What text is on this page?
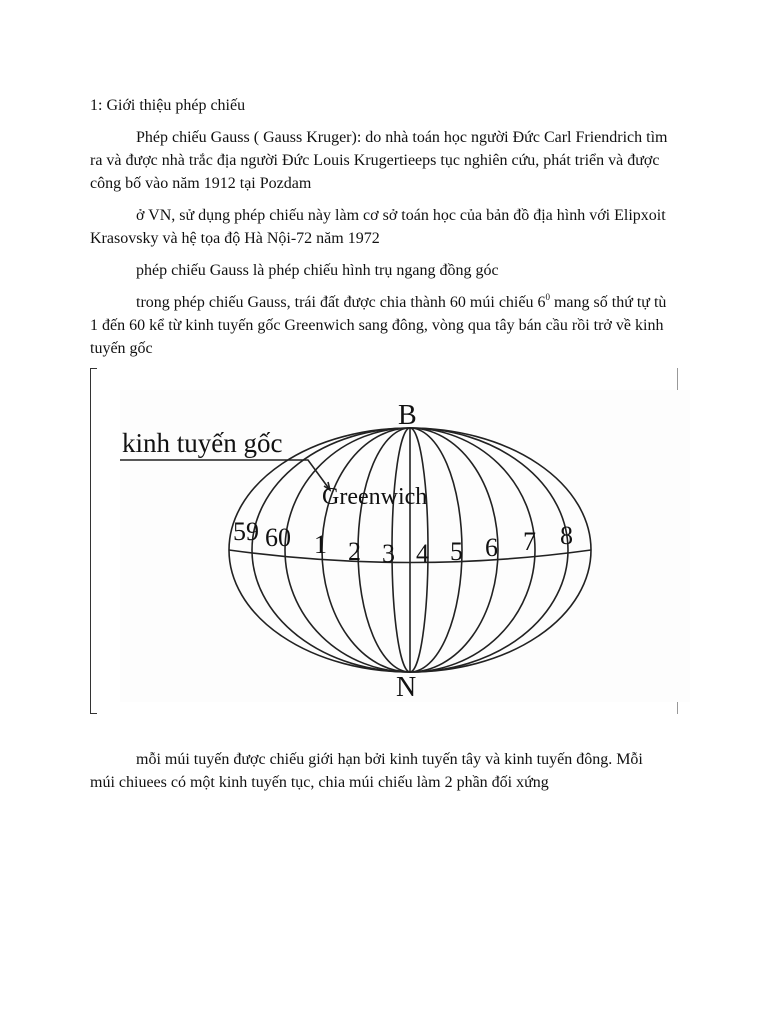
1: Giới thiệu phép chiếu

Phép chiếu Gauss ( Gauss Kruger): do nhà toán học người Đức Carl Friendrich tìm ra và được nhà trắc địa người Đức Louis Krugertieeps tục nghiên cứu, phát triển và được công bố vào năm 1912 tại Pozdam

ở VN, sử dụng phép chiếu này làm cơ sở toán học của bản đồ địa hình với Elipxoit Krasovsky và hệ tọa độ Hà Nội-72 năm 1972

phép chiếu Gauss là phép chiếu hình trụ ngang đồng góc

trong phép chiếu Gauss, trái đất được chia thành 60 múi chiếu $6^0$ mang số thứ tự tù 1 đến 60 kể từ kinh tuyến gốc Greenwich sang đông, vòng qua tây bán cầu rồi trở về kinh tuyến gốc

kinh tuyến gốc
B
N
Greenwich
59 60 1 2 3 4 5 6 7 8

mỗi múi tuyến được chiếu giới hạn bởi kinh tuyến tây và kinh tuyến đông. Mỗi múi chiuees có một kinh tuyến tục, chia múi chiếu làm 2 phần đối xứng
